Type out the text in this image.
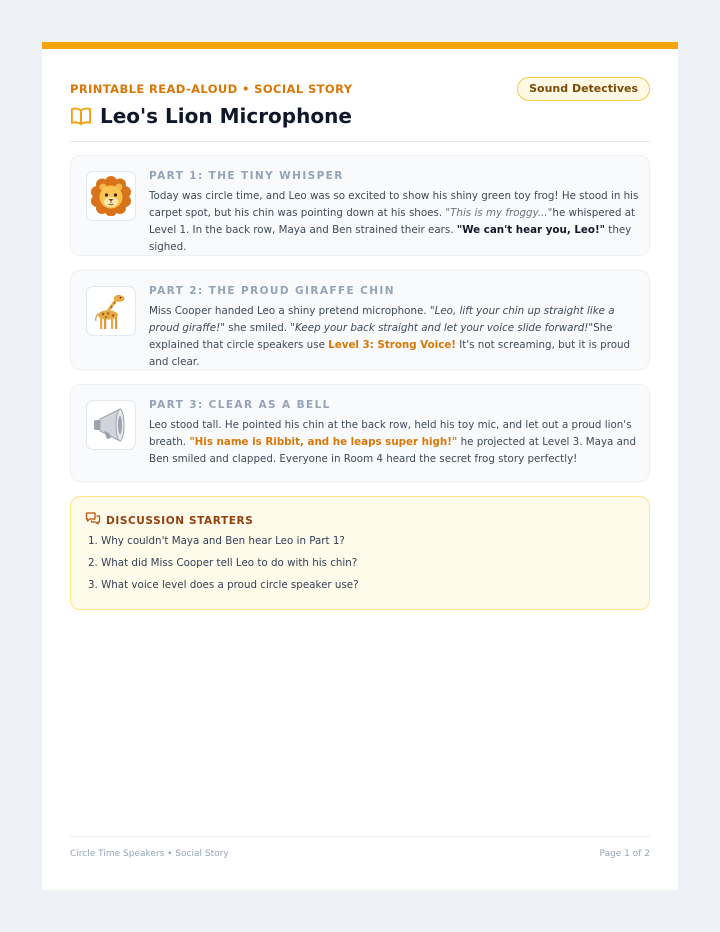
PRINTABLE READ-ALOUD • SOCIAL STORY	Sound Detectives
Leo's Lion Microphone
PART 1: THE TINY WHISPER

Today was circle time, and Leo was so excited to show his shiny green toy frog! He stood in his carpet spot, but his chin was pointing down at his shoes. "This is my froggy..."he whispered at Level 1. In the back row, Maya and Ben strained their ears. "We can't hear you, Leo!" they sighed.

PART 2: THE PROUD GIRAFFE CHIN

Miss Cooper handed Leo a shiny pretend microphone. "Leo, lift your chin up straight like a proud giraffe!" she smiled. "Keep your back straight and let your voice slide forward!"She explained that circle speakers use Level 3: Strong Voice! It's not screaming, but it is proud and clear.

PART 3: CLEAR AS A BELL

Leo stood tall. He pointed his chin at the back row, held his toy mic, and let out a proud lion's breath. "His name is Ribbit, and he leaps super high!" he projected at Level 3. Maya and Ben smiled and clapped. Everyone in Room 4 heard the secret frog story perfectly!

DISCUSSION STARTERS
1. Why couldn't Maya and Ben hear Leo in Part 1?
2. What did Miss Cooper tell Leo to do with his chin?
3. What voice level does a proud circle speaker use?
Circle Time Speakers • Social Story	Page 1 of 2
